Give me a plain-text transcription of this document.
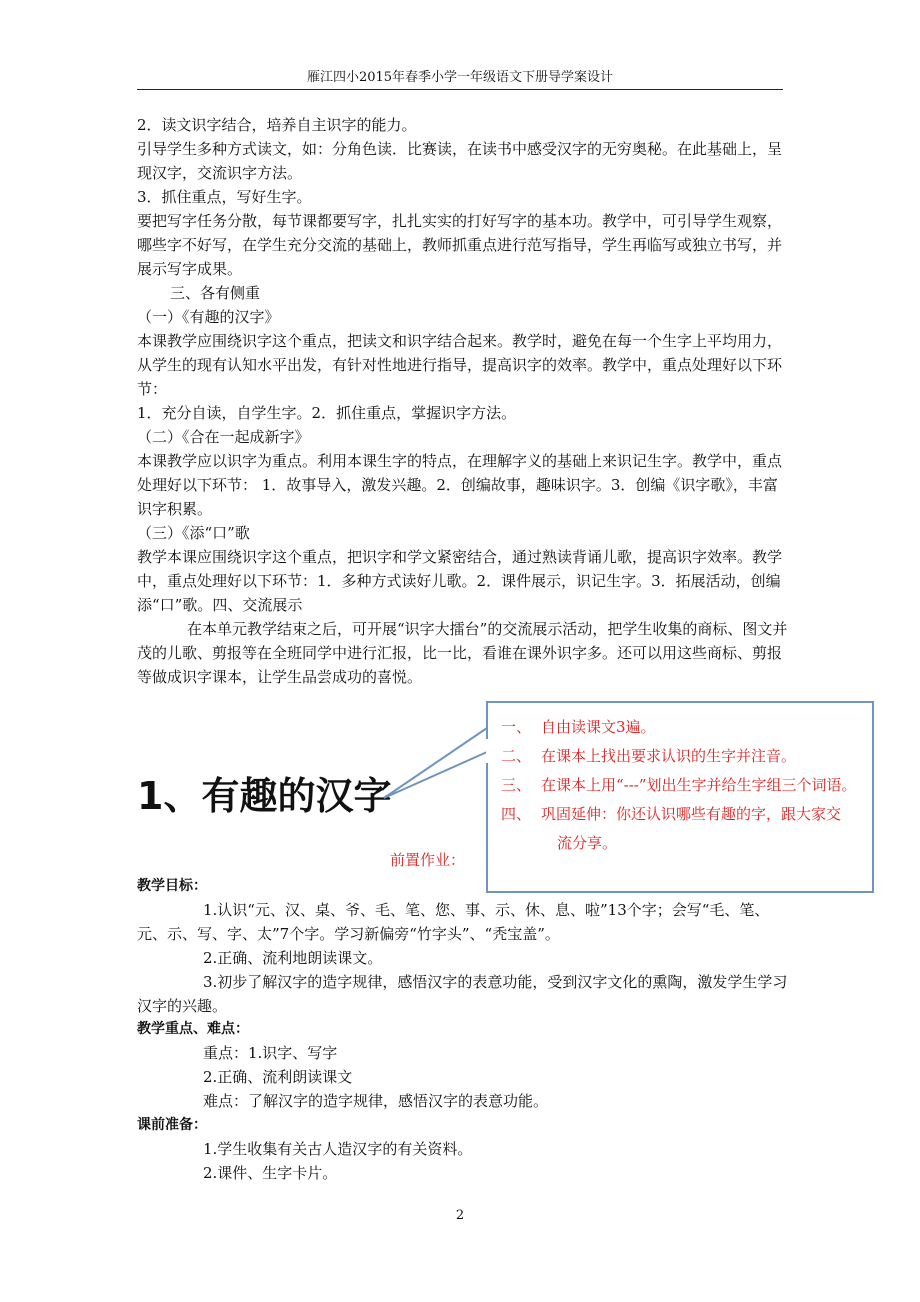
雁江四小2015年春季小学一年级语文下册导学案设计

2．读文识字结合，培养自主识字的能力。

引导学生多种方式读文，如：分角色读．比赛读，在读书中感受汉字的无穷奥秘。在此基础上，呈现汉字，交流识字方法。

3．抓住重点，写好生字。

要把写字任务分散，每节课都要写字，扎扎实实的打好写字的基本功。教学中，可引导学生观察，哪些字不好写，在学生充分交流的基础上，教师抓重点进行范写指导，学生再临写或独立书写，并展示写字成果。

三、各有侧重

（一）《有趣的汉字》

本课教学应围绕识字这个重点，把读文和识字结合起来。教学时，避免在每一个生字上平均用力，从学生的现有认知水平出发，有针对性地进行指导，提高识字的效率。教学中，重点处理好以下环节：

1．充分自读，自学生字。2．抓住重点，掌握识字方法。

（二）《合在一起成新字》

本课教学应以识字为重点。利用本课生字的特点，在理解字义的基础上来识记生字。教学中，重点处理好以下环节： 1．故事导入，激发兴趣。2．创编故事，趣味识字。3．创编《识字歌》，丰富识字积累。

（三）《添“口”歌

教学本课应围绕识字这个重点，把识字和学文紧密结合，通过熟读背诵儿歌，提高识字效率。教学中，重点处理好以下环节：1．多种方式读好儿歌。2．课件展示，识记生字。3．拓展活动，创编添“口”歌。四、交流展示

在本单元教学结束之后，可开展“识字大擂台”的交流展示活动，把学生收集的商标、图文并茂的儿歌、剪报等在全班同学中进行汇报，比一比，看谁在课外识字多。还可以用这些商标、剪报等做成识字课本，让学生品尝成功的喜悦。

1、有趣的汉字
一、 自由读课文3遍。
二、 在课本上找出要求认识的生字并注音。
三、 在课本上用“---”划出生字并给生字组三个词语。
四、 巩固延伸：你还认识哪些有趣的字，跟大家交
流分享。
前置作业：

教学目标：

1.认识“元、汉、桌、爷、毛、笔、您、事、示、休、息、啦”13个字；会写“毛、笔、元、示、写、字、太”7个字。学习新偏旁“竹字头”、“秃宝盖”。

2.正确、流利地朗读课文。

3.初步了解汉字的造字规律，感悟汉字的表意功能，受到汉字文化的熏陶，激发学生学习汉字的兴趣。

教学重点、难点：

重点：1.识字、写字

2.正确、流利朗读课文

难点：了解汉字的造字规律，感悟汉字的表意功能。

课前准备：

1.学生收集有关古人造汉字的有关资料。

2.课件、生字卡片。

2
